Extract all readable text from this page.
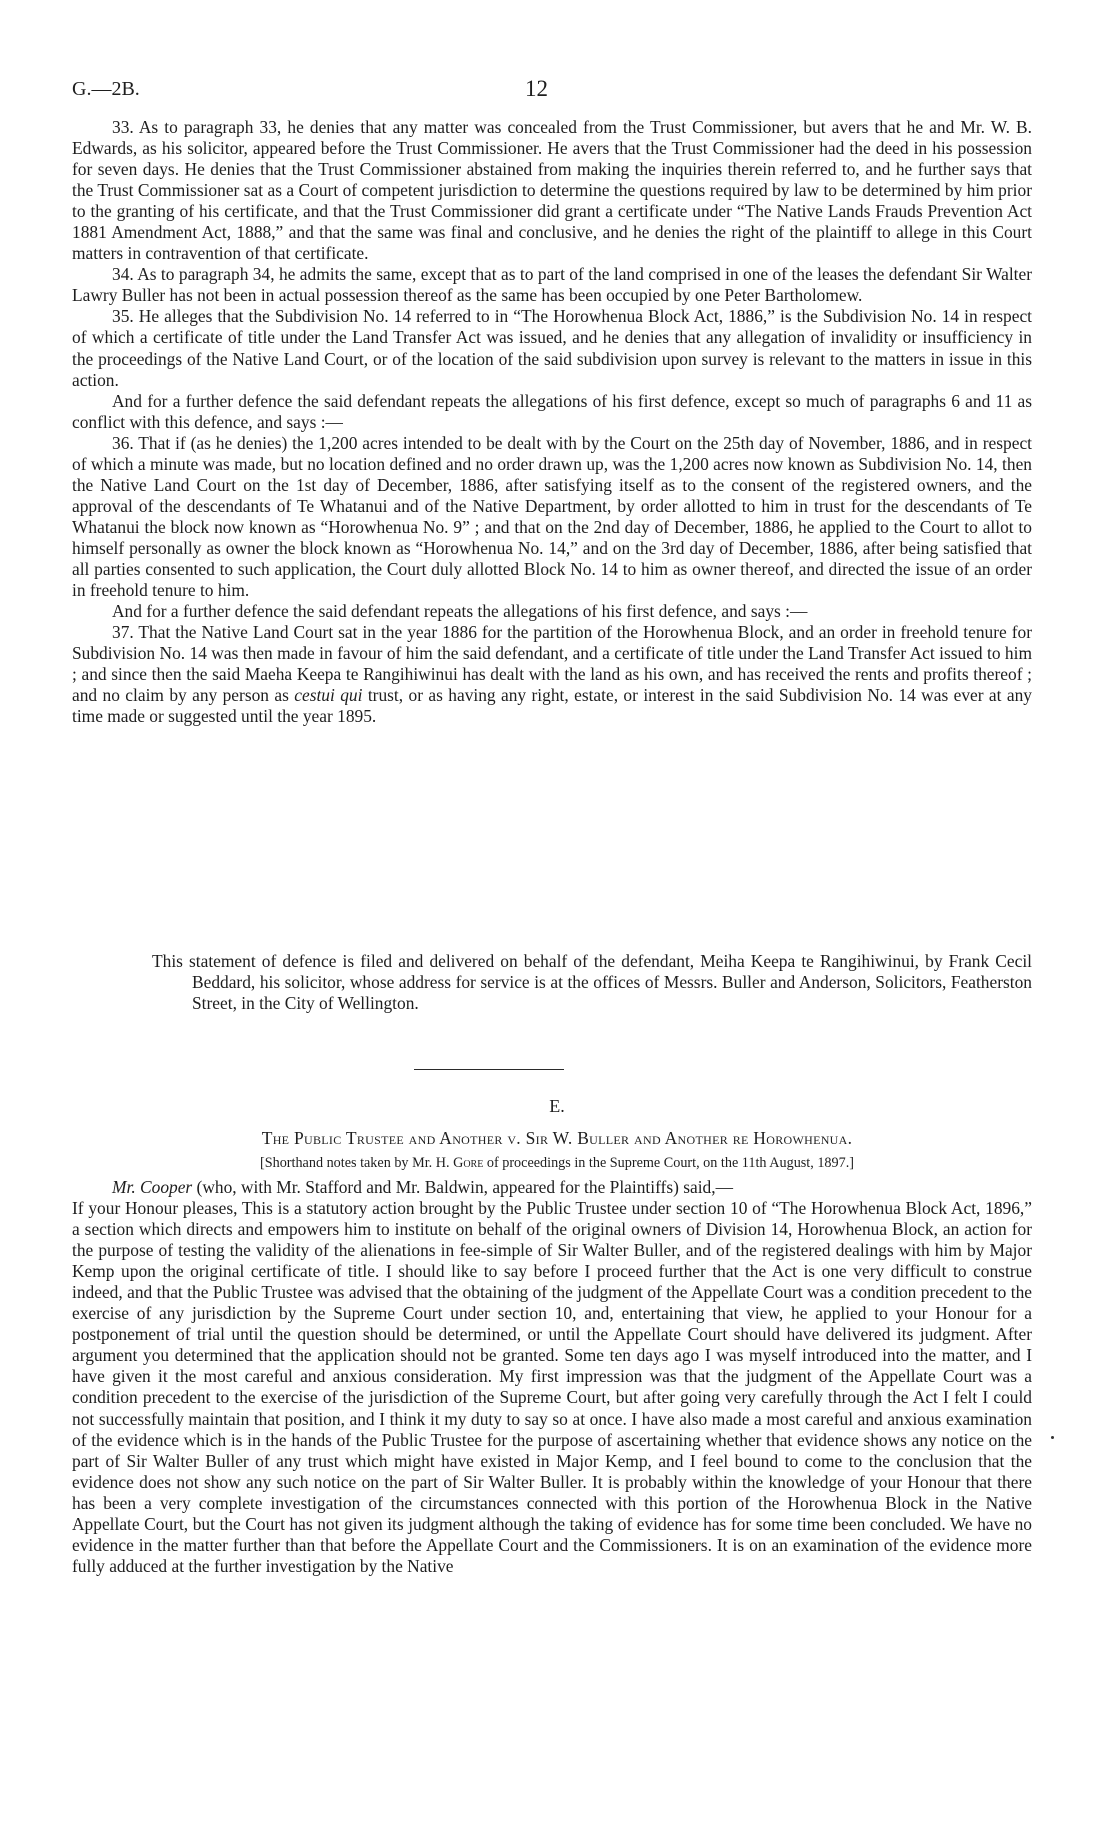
G.—2B.	12

33. As to paragraph 33, he denies that any matter was concealed from the Trust Commissioner, but avers that he and Mr. W. B. Edwards, as his solicitor, appeared before the Trust Commissioner. He avers that the Trust Commissioner had the deed in his possession for seven days. He denies that the Trust Commissioner abstained from making the inquiries therein referred to, and he further says that the Trust Commissioner sat as a Court of competent jurisdiction to determine the questions required by law to be determined by him prior to the granting of his certificate, and that the Trust Commissioner did grant a certificate under “The Native Lands Frauds Prevention Act 1881 Amendment Act, 1888,” and that the same was final and conclusive, and he denies the right of the plaintiff to allege in this Court matters in contravention of that certificate.

34. As to paragraph 34, he admits the same, except that as to part of the land comprised in one of the leases the defendant Sir Walter Lawry Buller has not been in actual possession thereof as the same has been occupied by one Peter Bartholomew.

35. He alleges that the Subdivision No. 14 referred to in “The Horowhenua Block Act, 1886,” is the Subdivision No. 14 in respect of which a certificate of title under the Land Transfer Act was issued, and he denies that any allegation of invalidity or insufficiency in the proceedings of the Native Land Court, or of the location of the said subdivision upon survey is relevant to the matters in issue in this action.

And for a further defence the said defendant repeats the allegations of his first defence, except so much of paragraphs 6 and 11 as conflict with this defence, and says :—

36. That if (as he denies) the 1,200 acres intended to be dealt with by the Court on the 25th day of November, 1886, and in respect of which a minute was made, but no location defined and no order drawn up, was the 1,200 acres now known as Subdivision No. 14, then the Native Land Court on the 1st day of December, 1886, after satisfying itself as to the consent of the registered owners, and the approval of the descendants of Te Whatanui and of the Native Department, by order allotted to him in trust for the descendants of Te Whatanui the block now known as “Horowhenua No. 9” ; and that on the 2nd day of December, 1886, he applied to the Court to allot to himself personally as owner the block known as “Horowhenua No. 14,” and on the 3rd day of December, 1886, after being satisfied that all parties consented to such application, the Court duly allotted Block No. 14 to him as owner thereof, and directed the issue of an order in freehold tenure to him.

And for a further defence the said defendant repeats the allegations of his first defence, and says :—

37. That the Native Land Court sat in the year 1886 for the partition of the Horowhenua Block, and an order in freehold tenure for Subdivision No. 14 was then made in favour of him the said defendant, and a certificate of title under the Land Transfer Act issued to him ; and since then the said Maeha Keepa te Rangihiwinui has dealt with the land as his own, and has received the rents and profits thereof ; and no claim by any person as cestui qui trust, or as having any right, estate, or interest in the said Subdivision No. 14 was ever at any time made or suggested until the year 1895.

This statement of defence is filed and delivered on behalf of the defendant, Meiha Keepa te Rangihiwinui, by Frank Cecil Beddard, his solicitor, whose address for service is at the offices of Messrs. Buller and Anderson, Solicitors, Featherston Street, in the City of Wellington.

E.
The Public Trustee and Another v. Sir W. Buller and Another re Horowhenua.
[Shorthand notes taken by Mr. H. Gore of proceedings in the Supreme Court, on the 11th August, 1897.]

Mr. Cooper (who, with Mr. Stafford and Mr. Baldwin, appeared for the Plaintiffs) said,—

If your Honour pleases, This is a statutory action brought by the Public Trustee under section 10 of “The Horowhenua Block Act, 1896,” a section which directs and empowers him to institute on behalf of the original owners of Division 14, Horowhenua Block, an action for the purpose of testing the validity of the alienations in fee-simple of Sir Walter Buller, and of the registered dealings with him by Major Kemp upon the original certificate of title. I should like to say before I proceed further that the Act is one very difficult to construe indeed, and that the Public Trustee was advised that the obtaining of the judgment of the Appellate Court was a condition precedent to the exercise of any jurisdiction by the Supreme Court under section 10, and, entertaining that view, he applied to your Honour for a postponement of trial until the question should be determined, or until the Appellate Court should have delivered its judgment. After argument you determined that the application should not be granted. Some ten days ago I was myself introduced into the matter, and I have given it the most careful and anxious consideration. My first impression was that the judgment of the Appellate Court was a condition precedent to the exercise of the jurisdiction of the Supreme Court, but after going very carefully through the Act I felt I could not successfully maintain that position, and I think it my duty to say so at once. I have also made a most careful and anxious examination of the evidence which is in the hands of the Public Trustee for the purpose of ascertaining whether that evidence shows any notice on the part of Sir Walter Buller of any trust which might have existed in Major Kemp, and I feel bound to come to the conclusion that the evidence does not show any such notice on the part of Sir Walter Buller. It is probably within the knowledge of your Honour that there has been a very complete investigation of the circumstances connected with this portion of the Horowhenua Block in the Native Appellate Court, but the Court has not given its judgment although the taking of evidence has for some time been concluded. We have no evidence in the matter further than that before the Appellate Court and the Commissioners. It is on an examination of the evidence more fully adduced at the further investigation by the Native
